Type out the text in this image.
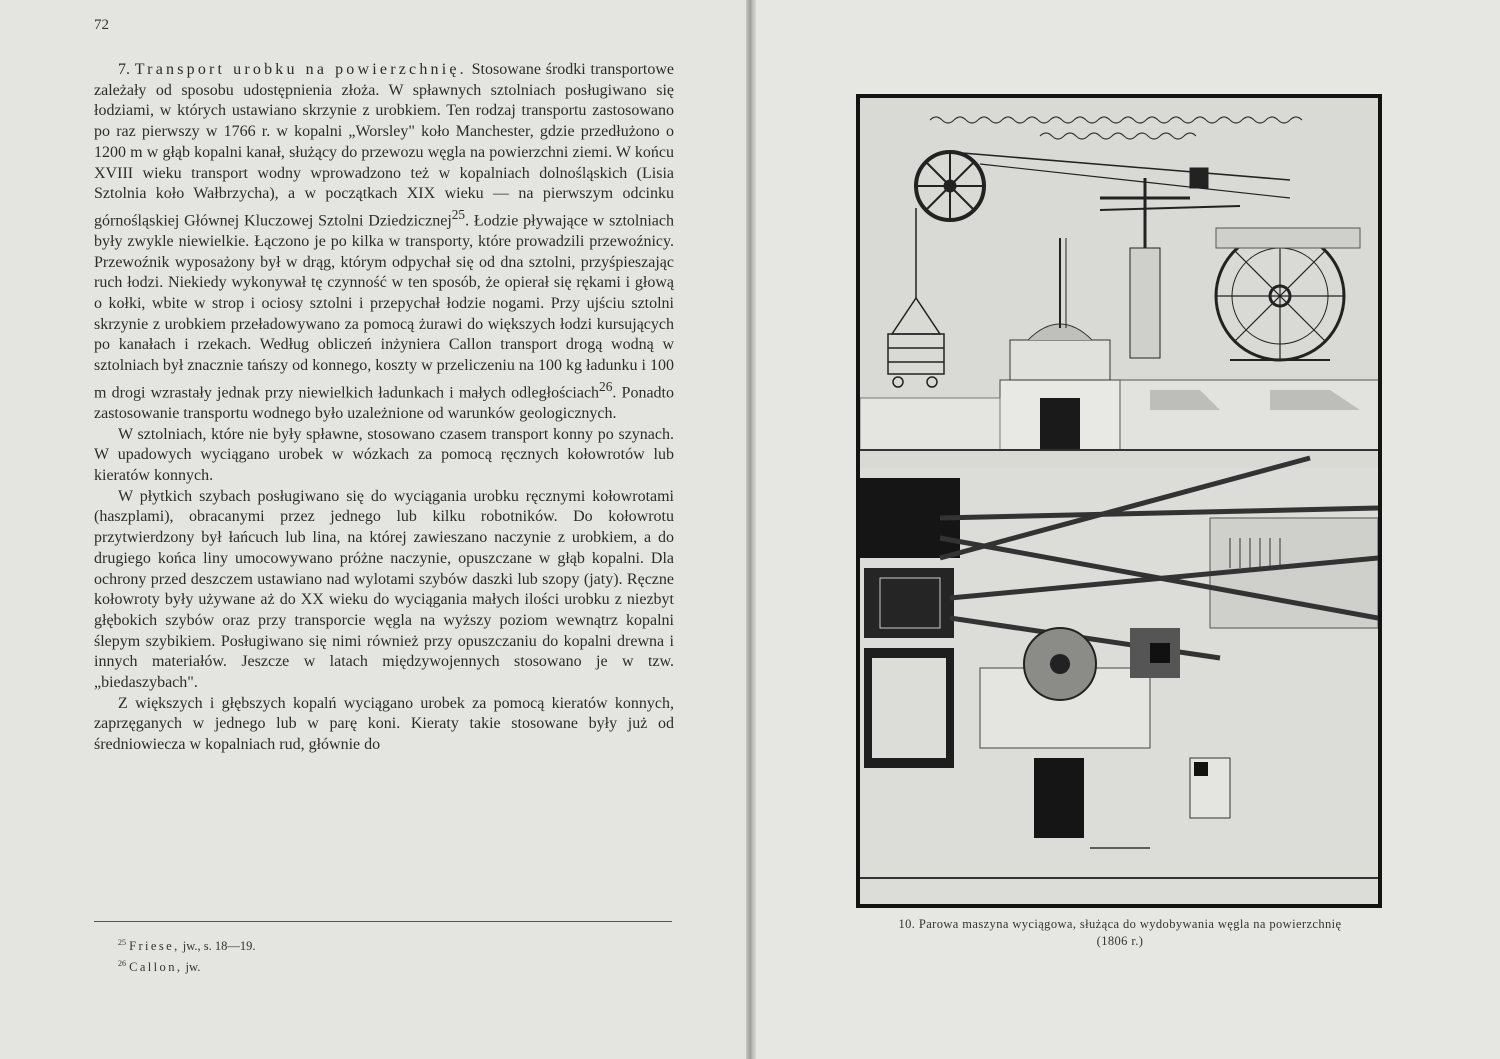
72

7. Transport urobku na powierzchnię. Stosowane środki transportowe zależały od sposobu udostępnienia złoża. W spławnych sztolniach posługiwano się łodziami, w których ustawiano skrzynie z urobkiem. Ten rodzaj transportu zastosowano po raz pierwszy w 1766 r. w kopalni „Worsley" koło Manchester, gdzie przedłużono o 1200 m w głąb kopalni kanał, służący do przewozu węgla na powierzchni ziemi. W końcu XVIII wieku transport wodny wprowadzono też w kopalniach dolnośląskich (Lisia Sztolnia koło Wałbrzycha), a w początkach XIX wieku — na pierwszym odcinku górnośląskiej Głównej Kluczowej Sztolni Dziedzicznej$^{25}$. Łodzie pływające w sztolniach były zwykle niewielkie. Łączono je po kilka w transporty, które prowadzili przewoźnicy. Przewoźnik wyposażony był w drąg, którym odpychał się od dna sztolni, przyśpieszając ruch łodzi. Niekiedy wykonywał tę czynność w ten sposób, że opierał się rękami i głową o kołki, wbite w strop i ociosy sztolni i przepychał łodzie nogami. Przy ujściu sztolni skrzynie z urobkiem przeładowywano za pomocą żurawi do większych łodzi kursujących po kanałach i rzekach. Według obliczeń inżyniera Callon transport drogą wodną w sztolniach był znacznie tańszy od konnego, koszty w przeliczeniu na 100 kg ładunku i 100 m drogi wzrastały jednak przy niewielkich ładunkach i małych odległościach$^{26}$. Ponadto zastosowanie transportu wodnego było uzależnione od warunków geologicznych.

W sztolniach, które nie były spławne, stosowano czasem transport konny po szynach. W upadowych wyciągano urobek w wózkach za pomocą ręcznych kołowrotów lub kieratów konnych.

W płytkich szybach posługiwano się do wyciągania urobku ręcznymi kołowrotami (haszplami), obracanymi przez jednego lub kilku robotników. Do kołowrotu przytwierdzony był łańcuch lub lina, na której zawieszano naczynie z urobkiem, a do drugiego końca liny umocowywano próżne naczynie, opuszczane w głąb kopalni. Dla ochrony przed deszczem ustawiano nad wylotami szybów daszki lub szopy (jaty). Ręczne kołowroty były używane aż do XX wieku do wyciągania małych ilości urobku z niezbyt głębokich szybów oraz przy transporcie węgla na wyższy poziom wewnątrz kopalni ślepym szybikiem. Posługiwano się nimi również przy opuszczaniu do kopalni drewna i innych materiałów. Jeszcze w latach międzywojennych stosowano je w tzw. „biedaszybach".

Z większych i głębszych kopalń wyciągano urobek za pomocą kieratów konnych, zaprzęganych w jednego lub w parę koni. Kieraty takie stosowane były już od średniowiecza w kopalniach rud, głównie do

$^{25}$ Friese, jw., s. 18—19.
$^{26}$ Callon, jw.
10. Parowa maszyna wyciągowa, służąca do wydobywania węgla na powierzchnię
(1806 r.)
